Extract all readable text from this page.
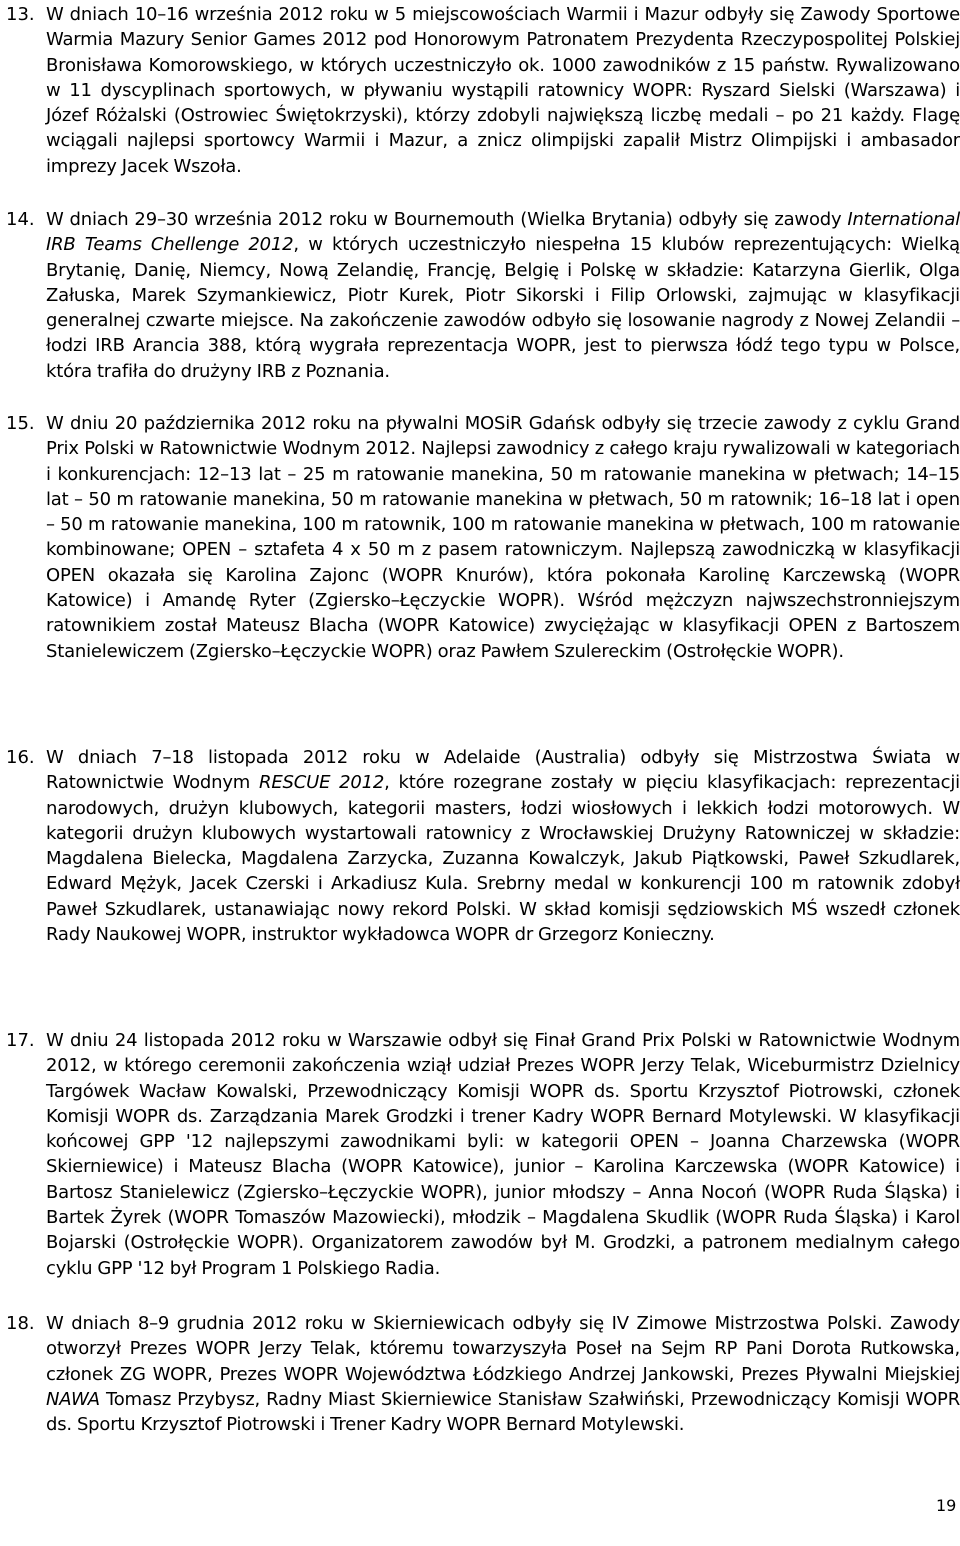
13. W dniach 10–16 września 2012 roku w 5 miejscowościach Warmii i Mazur odbyły się Zawody Sportowe Warmia Mazury Senior Games 2012 pod Honorowym Patronatem Prezydenta Rzeczypospolitej Polskiej Bronisława Komorowskiego, w których uczestniczyło ok. 1000 zawodników z 15 państw. Rywalizowano w 11 dyscyplinach sportowych, w pływaniu wystąpili ratownicy WOPR: Ryszard Sielski (Warszawa) i Józef Różalski (Ostrowiec Świętokrzyski), którzy zdobyli największą liczbę medali – po 21 każdy. Flagę wciągali najlepsi sportowcy Warmii i Mazur, a znicz olimpijski zapalił Mistrz Olimpijski i ambasador imprezy Jacek Wszoła.
14. W dniach 29–30 września 2012 roku w Bournemouth (Wielka Brytania) odbyły się zawody International IRB Teams Chellenge 2012, w których uczestniczyło niespełna 15 klubów reprezentujących: Wielką Brytanię, Danię, Niemcy, Nową Zelandię, Francję, Belgię i Polskę w składzie: Katarzyna Gierlik, Olga Załuska, Marek Szymankiewicz, Piotr Kurek, Piotr Sikorski i Filip Orlowski, zajmując w klasyfikacji generalnej czwarte miejsce. Na zakończenie zawodów odbyło się losowanie nagrody z Nowej Zelandii – łodzi IRB Arancia 388, którą wygrała reprezentacja WOPR, jest to pierwsza łódź tego typu w Polsce, która trafiła do drużyny IRB z Poznania.
15. W dniu 20 października 2012 roku na pływalni MOSiR Gdańsk odbyły się trzecie zawody z cyklu Grand Prix Polski w Ratownictwie Wodnym 2012. Najlepsi zawodnicy z całego kraju rywalizowali w kategoriach i konkurencjach: 12–13 lat – 25 m ratowanie manekina, 50 m ratowanie manekina w płetwach; 14–15 lat – 50 m ratowanie manekina, 50 m ratowanie manekina w płetwach, 50 m ratownik; 16–18 lat i open – 50 m ratowanie manekina, 100 m ratownik, 100 m ratowanie manekina w płetwach, 100 m ratowanie kombinowane; OPEN – sztafeta 4 x 50 m z pasem ratowniczym. Najlepszą zawodniczką w klasyfikacji OPEN okazała się Karolina Zajonc (WOPR Knurów), która pokonała Karolinę Karczewską (WOPR Katowice) i Amandę Ryter (Zgiersko–Łęczyckie WOPR). Wśród mężczyzn najwszechstronniejszym ratownikiem został Mateusz Blacha (WOPR Katowice) zwyciężając w klasyfikacji OPEN z Bartoszem Stanielewiczem (Zgiersko–Łęczyckie WOPR) oraz Pawłem Szulereckim (Ostrołęckie WOPR).
16. W dniach 7–18 listopada 2012 roku w Adelaide (Australia) odbyły się Mistrzostwa Świata w Ratownictwie Wodnym RESCUE 2012, które rozegrane zostały w pięciu klasyfikacjach: reprezentacji narodowych, drużyn klubowych, kategorii masters, łodzi wiosłowych i lekkich łodzi motorowych. W kategorii drużyn klubowych wystartowali ratownicy z Wrocławskiej Drużyny Ratowniczej w składzie: Magdalena Bielecka, Magdalena Zarzycka, Zuzanna Kowalczyk, Jakub Piątkowski, Paweł Szkudlarek, Edward Mężyk, Jacek Czerski i Arkadiusz Kula. Srebrny medal w konkurencji 100 m ratownik zdobył Paweł Szkudlarek, ustanawiając nowy rekord Polski. W skład komisji sędziowskich MŚ wszedł członek Rady Naukowej WOPR, instruktor wykładowca WOPR dr Grzegorz Konieczny.
17. W dniu 24 listopada 2012 roku w Warszawie odbył się Finał Grand Prix Polski w Ratownictwie Wodnym 2012, w którego ceremonii zakończenia wziął udział Prezes WOPR Jerzy Telak, Wiceburmistrz Dzielnicy Targówek Wacław Kowalski, Przewodniczący Komisji WOPR ds. Sportu Krzysztof Piotrowski, członek Komisji WOPR ds. Zarządzania Marek Grodzki i trener Kadry WOPR Bernard Motylewski. W klasyfikacji końcowej GPP '12 najlepszymi zawodnikami byli: w kategorii OPEN – Joanna Charzewska (WOPR Skierniewice) i Mateusz Blacha (WOPR Katowice), junior – Karolina Karczewska (WOPR Katowice) i Bartosz Stanielewicz (Zgiersko–Łęczyckie WOPR), junior młodszy – Anna Nocoń (WOPR Ruda Śląska) i Bartek Żyrek (WOPR Tomaszów Mazowiecki), młodzik – Magdalena Skudlik (WOPR Ruda Śląska) i Karol Bojarski (Ostrołęckie WOPR). Organizatorem zawodów był M. Grodzki, a patronem medialnym całego cyklu GPP '12 był Program 1 Polskiego Radia.
18. W dniach 8–9 grudnia 2012 roku w Skierniewicach odbyły się IV Zimowe Mistrzostwa Polski. Zawody otworzył Prezes WOPR Jerzy Telak, któremu towarzyszyła Poseł na Sejm RP Pani Dorota Rutkowska, członek ZG WOPR, Prezes WOPR Województwa Łódzkiego Andrzej Jankowski, Prezes Pływalni Miejskiej NAWA Tomasz Przybysz, Radny Miast Skierniewice Stanisław Szałwiński, Przewodniczący Komisji WOPR ds. Sportu Krzysztof Piotrowski i Trener Kadry WOPR Bernard Motylewski.
19
